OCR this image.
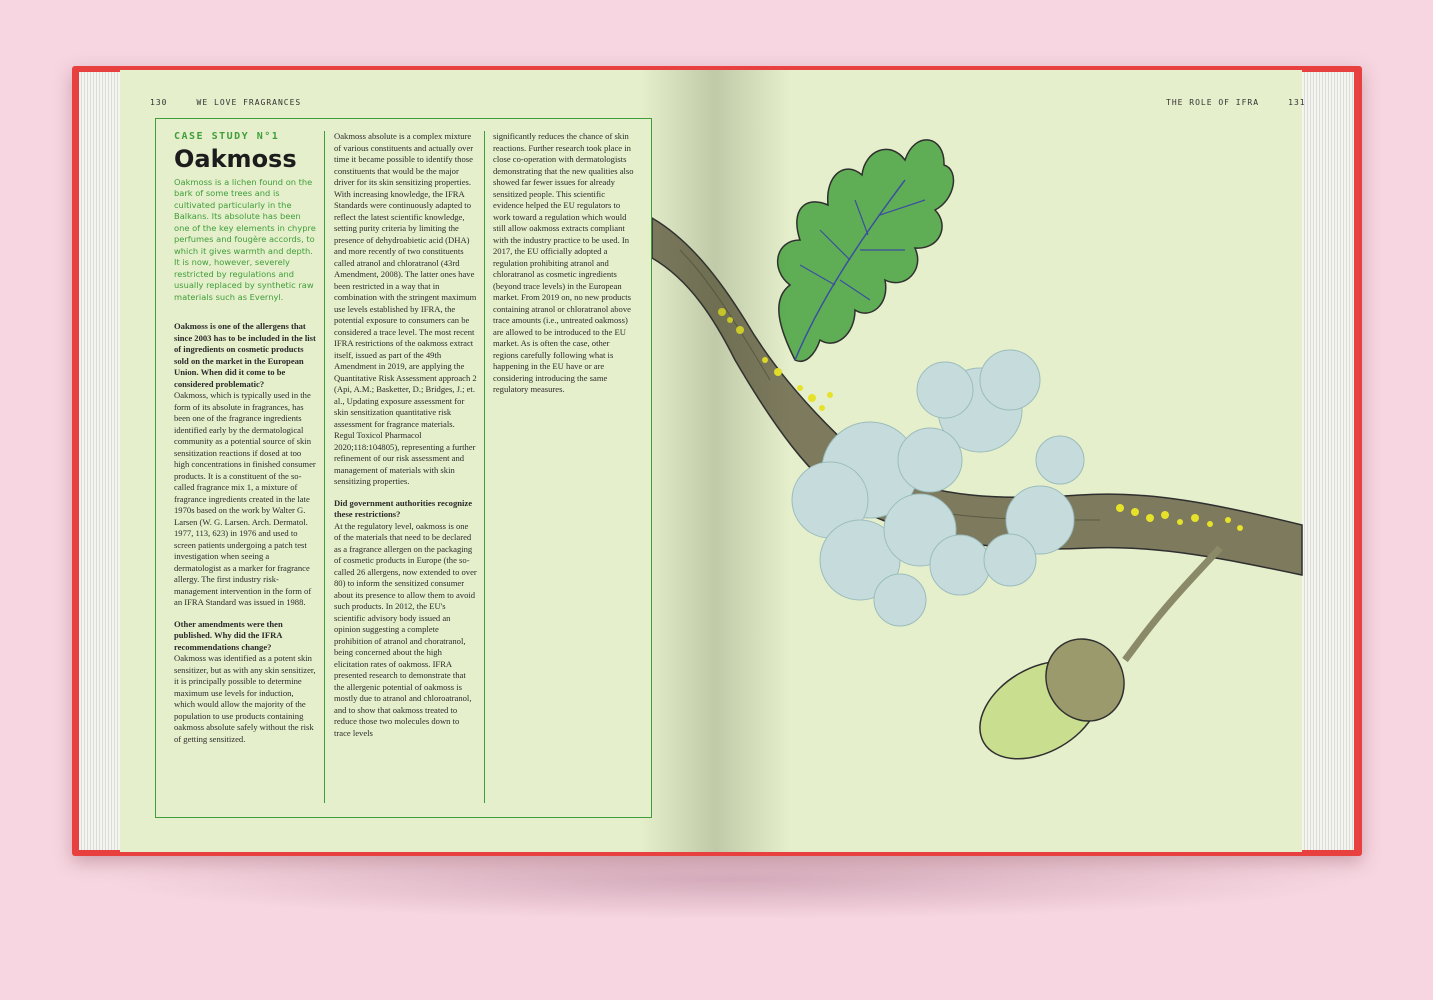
130	WE LOVE FRAGRANCES	THE ROLE OF IFRA	131
CASE STUDY N°1
Oakmoss
Oakmoss is a lichen found on the bark of some trees and is cultivated particularly in the Balkans. Its absolute has been one of the key elements in chypre perfumes and fougère accords, to which it gives warmth and depth. It is now, however, severely restricted by regulations and usually replaced by synthetic raw materials such as Evernyl.
Oakmoss is one of the allergens that since 2003 has to be included in the list of ingredients on cosmetic products sold on the market in the European Union. When did it come to be considered problematic?

Oakmoss, which is typically used in the form of its absolute in fragrances, has been one of the fragrance ingredients identified early by the dermatological community as a potential source of skin sensitization reactions if dosed at too high concentrations in finished consumer products. It is a constituent of the so-called fragrance mix 1, a mixture of fragrance ingredients created in the late 1970s based on the work by Walter G. Larsen (W. G. Larsen. Arch. Dermatol. 1977, 113, 623) in 1976 and used to screen patients undergoing a patch test investigation when seeing a dermatologist as a marker for fragrance allergy. The first industry risk-management intervention in the form of an IFRA Standard was issued in 1988.

Other amendments were then published. Why did the IFRA recommendations change?

Oakmoss was identified as a potent skin sensitizer, but as with any skin sensitizer, it is principally possible to determine maximum use levels for induction, which would allow the majority of the population to use products containing oakmoss absolute safely without the risk of getting sensitized.

Oakmoss absolute is a complex mixture of various constituents and actually over time it became possible to identify those constituents that would be the major driver for its skin sensitizing properties. With increasing knowledge, the IFRA Standards were continuously adapted to reflect the latest scientific knowledge, setting purity criteria by limiting the presence of dehydroabietic acid (DHA) and more recently of two constituents called atranol and chloratranol (43rd Amendment, 2008). The latter ones have been restricted in a way that in combination with the stringent maximum use levels established by IFRA, the potential exposure to consumers can be considered a trace level. The most recent IFRA restrictions of the oakmoss extract itself, issued as part of the 49th Amendment in 2019, are applying the Quantitative Risk Assessment approach 2 (Api, A.M.; Basketter, D.; Bridges, J.; et. al., Updating exposure assessment for skin sensitization quantitative risk assessment for fragrance materials. Regul Toxicol Pharmacol 2020;118:104805), representing a further refinement of our risk assessment and management of materials with skin sensitizing properties.

Did government authorities recognize these restrictions?

At the regulatory level, oakmoss is one of the materials that need to be declared as a fragrance allergen on the packaging of cosmetic products in Europe (the so-called 26 allergens, now extended to over 80) to inform the sensitized consumer about its presence to allow them to avoid such products. In 2012, the EU's scientific advisory body issued an opinion suggesting a complete prohibition of atranol and choratranol, being concerned about the high elicitation rates of oakmoss. IFRA presented research to demonstrate that the allergenic potential of oakmoss is mostly due to atranol and chloroatranol, and to show that oakmoss treated to reduce those two molecules down to trace levels

significantly reduces the chance of skin reactions. Further research took place in close co-operation with dermatologists demonstrating that the new qualities also showed far fewer issues for already sensitized people. This scientific evidence helped the EU regulators to work toward a regulation which would still allow oakmoss extracts compliant with the industry practice to be used. In 2017, the EU officially adopted a regulation prohibiting atranol and chloratranol as cosmetic ingredients (beyond trace levels) in the European market. From 2019 on, no new products containing atranol or chloratranol above trace amounts (i.e., untreated oakmoss) are allowed to be introduced to the EU market. As is often the case, other regions carefully following what is happening in the EU have or are considering introducing the same regulatory measures.
